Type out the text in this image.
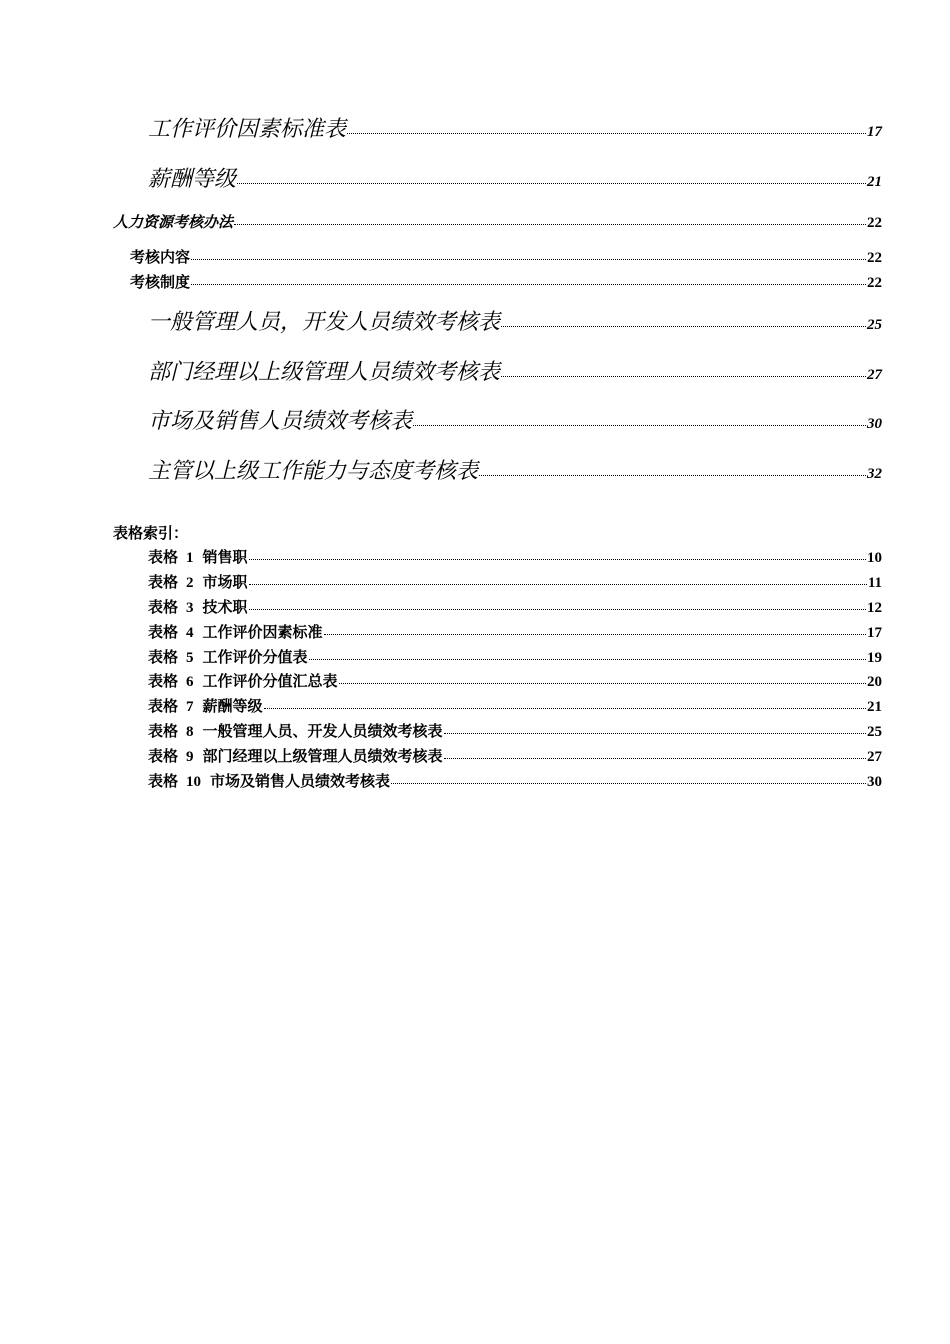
工作评价因素标准表	17
薪酬等级	21
人力资源考核办法	22
考核内容	22
考核制度	22
一般管理人员，开发人员绩效考核表	25
部门经理以上级管理人员绩效考核表	27
市场及销售人员绩效考核表	30
主管以上级工作能力与态度考核表	32
表格索引：
表格 1 销售职	10
表格 2 市场职	11
表格 3 技术职	12
表格 4 工作评价因素标准	17
表格 5 工作评价分值表	19
表格 6 工作评价分值汇总表	20
表格 7 薪酬等级	21
表格 8 一般管理人员、开发人员绩效考核表	25
表格 9 部门经理以上级管理人员绩效考核表	27
表格 10 市场及销售人员绩效考核表	30
